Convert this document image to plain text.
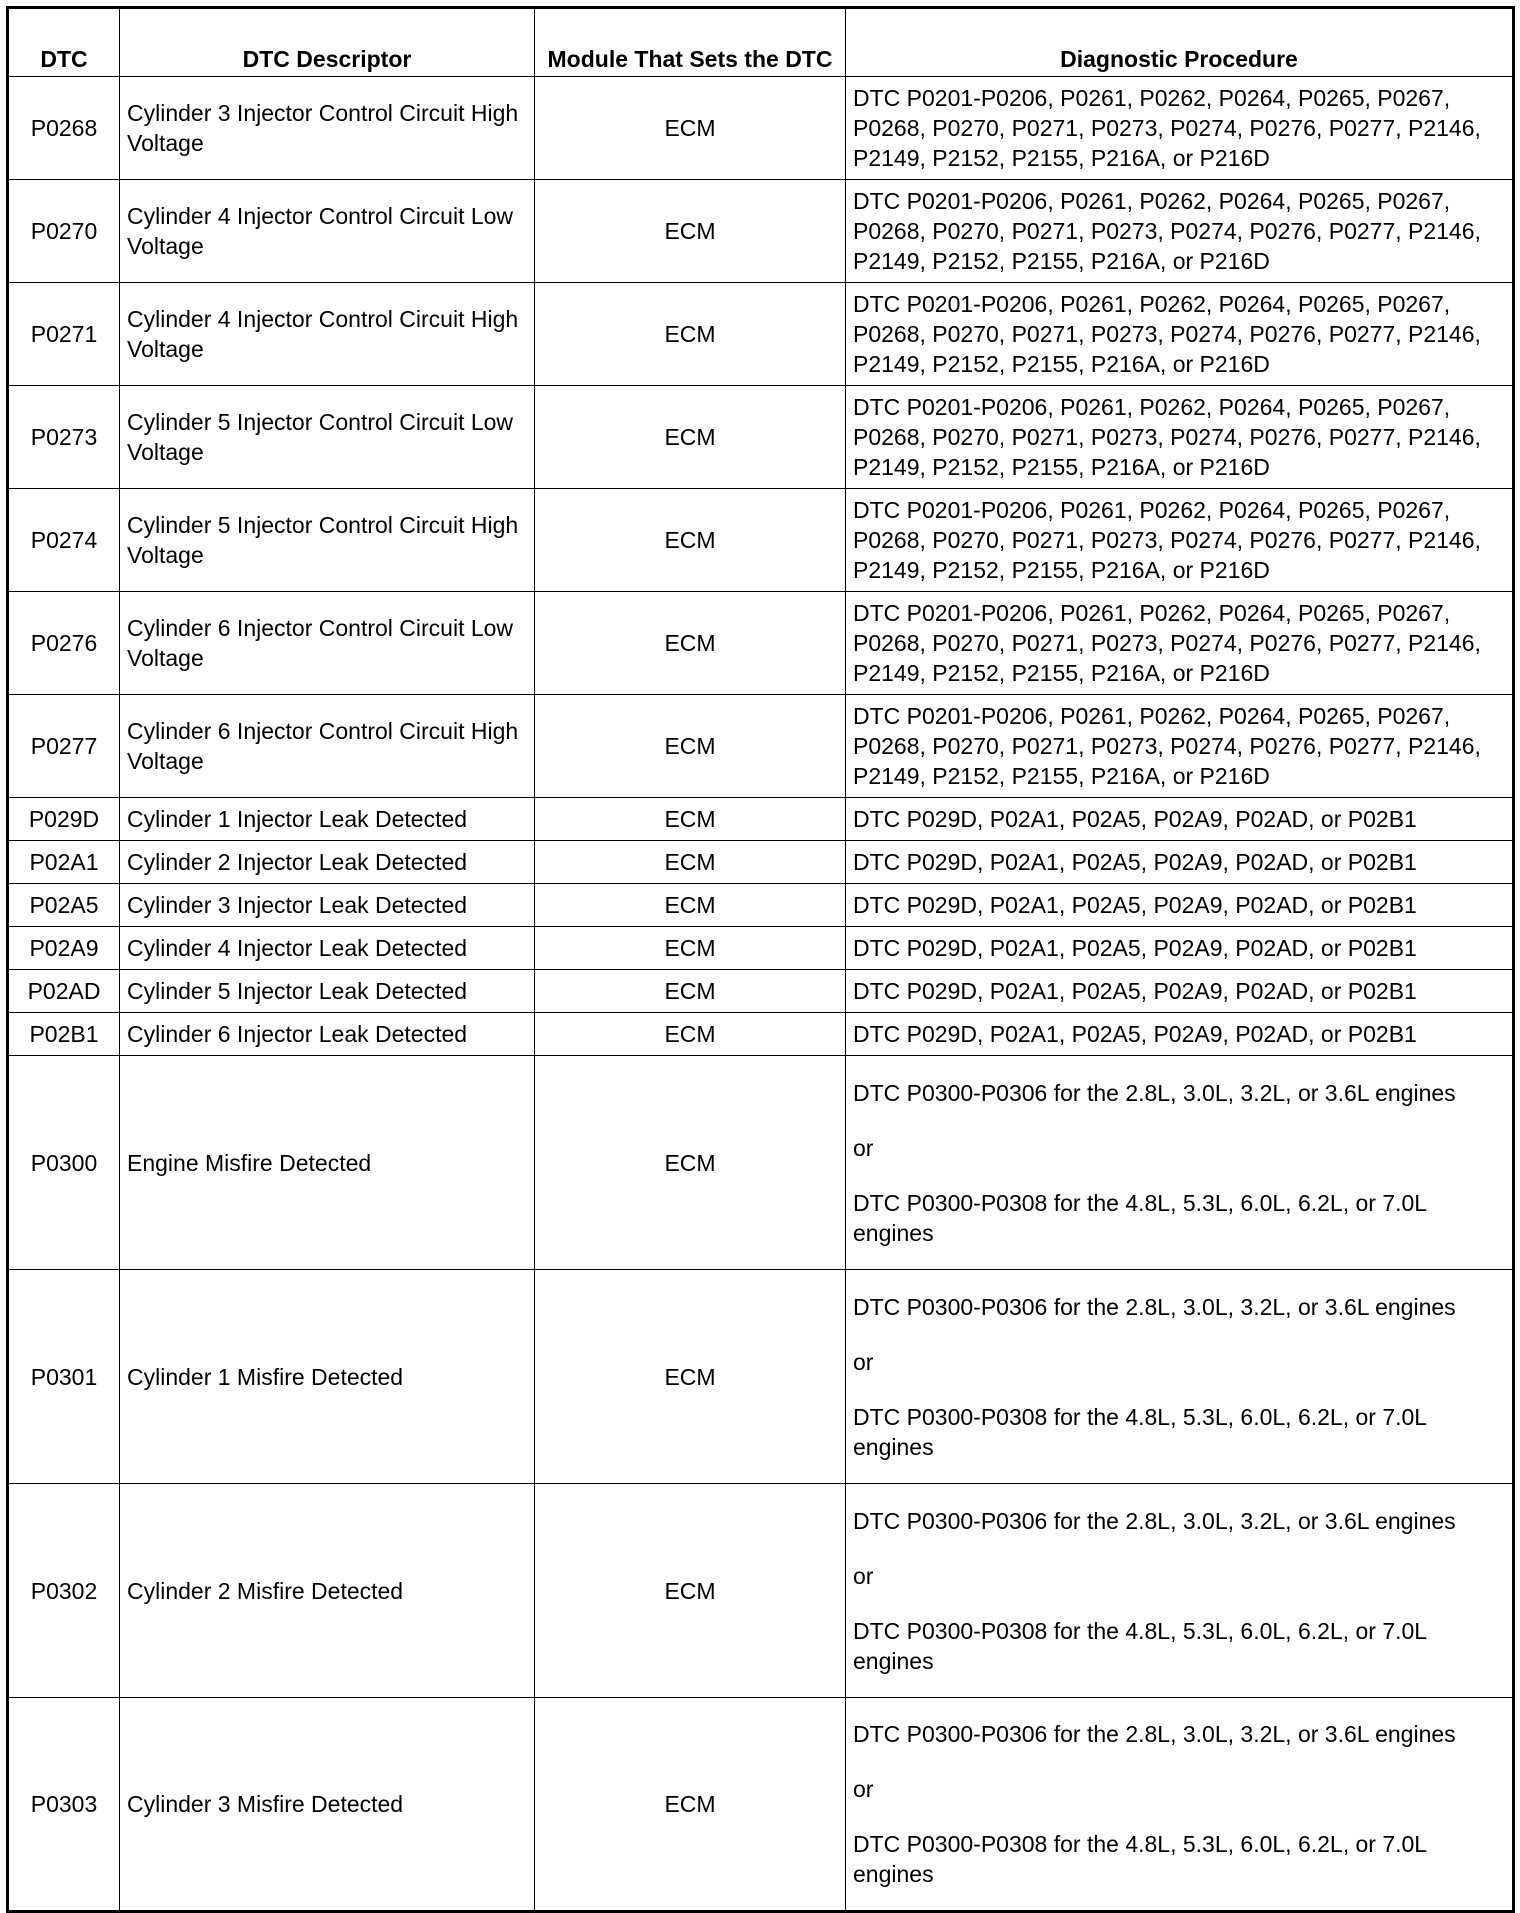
DTC	DTC Descriptor	Module That Sets the DTC	Diagnostic Procedure
P0268	Cylinder 3 Injector Control Circuit High Voltage	ECM	DTC P0201-P0206, P0261, P0262, P0264, P0265, P0267, P0268, P0270, P0271, P0273, P0274, P0276, P0277, P2146, P2149, P2152, P2155, P216A, or P216D

P0270	Cylinder 4 Injector Control Circuit Low Voltage	ECM	DTC P0201-P0206, P0261, P0262, P0264, P0265, P0267, P0268, P0270, P0271, P0273, P0274, P0276, P0277, P2146, P2149, P2152, P2155, P216A, or P216D

P0271	Cylinder 4 Injector Control Circuit High Voltage	ECM	DTC P0201-P0206, P0261, P0262, P0264, P0265, P0267, P0268, P0270, P0271, P0273, P0274, P0276, P0277, P2146, P2149, P2152, P2155, P216A, or P216D

P0273	Cylinder 5 Injector Control Circuit Low Voltage	ECM	DTC P0201-P0206, P0261, P0262, P0264, P0265, P0267, P0268, P0270, P0271, P0273, P0274, P0276, P0277, P2146, P2149, P2152, P2155, P216A, or P216D

P0274	Cylinder 5 Injector Control Circuit High Voltage	ECM	DTC P0201-P0206, P0261, P0262, P0264, P0265, P0267, P0268, P0270, P0271, P0273, P0274, P0276, P0277, P2146, P2149, P2152, P2155, P216A, or P216D

P0276	Cylinder 6 Injector Control Circuit Low Voltage	ECM	DTC P0201-P0206, P0261, P0262, P0264, P0265, P0267, P0268, P0270, P0271, P0273, P0274, P0276, P0277, P2146, P2149, P2152, P2155, P216A, or P216D

P0277	Cylinder 6 Injector Control Circuit High Voltage	ECM	DTC P0201-P0206, P0261, P0262, P0264, P0265, P0267, P0268, P0270, P0271, P0273, P0274, P0276, P0277, P2146, P2149, P2152, P2155, P216A, or P216D

P029D	Cylinder 1 Injector Leak Detected	ECM	DTC P029D, P02A1, P02A5, P02A9, P02AD, or P02B1

P02A1	Cylinder 2 Injector Leak Detected	ECM	DTC P029D, P02A1, P02A5, P02A9, P02AD, or P02B1

P02A5	Cylinder 3 Injector Leak Detected	ECM	DTC P029D, P02A1, P02A5, P02A9, P02AD, or P02B1

P02A9	Cylinder 4 Injector Leak Detected	ECM	DTC P029D, P02A1, P02A5, P02A9, P02AD, or P02B1

P02AD	Cylinder 5 Injector Leak Detected	ECM	DTC P029D, P02A1, P02A5, P02A9, P02AD, or P02B1

P02B1	Cylinder 6 Injector Leak Detected	ECM	DTC P029D, P02A1, P02A5, P02A9, P02AD, or P02B1

P0300	Engine Misfire Detected	ECM	DTC P0300-P0306 for the 2.8L, 3.0L, 3.2L, or 3.6L engines
or
DTC P0300-P0308 for the 4.8L, 5.3L, 6.0L, 6.2L, or 7.0L engines

P0301	Cylinder 1 Misfire Detected	ECM	DTC P0300-P0306 for the 2.8L, 3.0L, 3.2L, or 3.6L engines
or
DTC P0300-P0308 for the 4.8L, 5.3L, 6.0L, 6.2L, or 7.0L engines

P0302	Cylinder 2 Misfire Detected	ECM	DTC P0300-P0306 for the 2.8L, 3.0L, 3.2L, or 3.6L engines
or
DTC P0300-P0308 for the 4.8L, 5.3L, 6.0L, 6.2L, or 7.0L engines

P0303	Cylinder 3 Misfire Detected	ECM	DTC P0300-P0306 for the 2.8L, 3.0L, 3.2L, or 3.6L engines
or
DTC P0300-P0308 for the 4.8L, 5.3L, 6.0L, 6.2L, or 7.0L engines
